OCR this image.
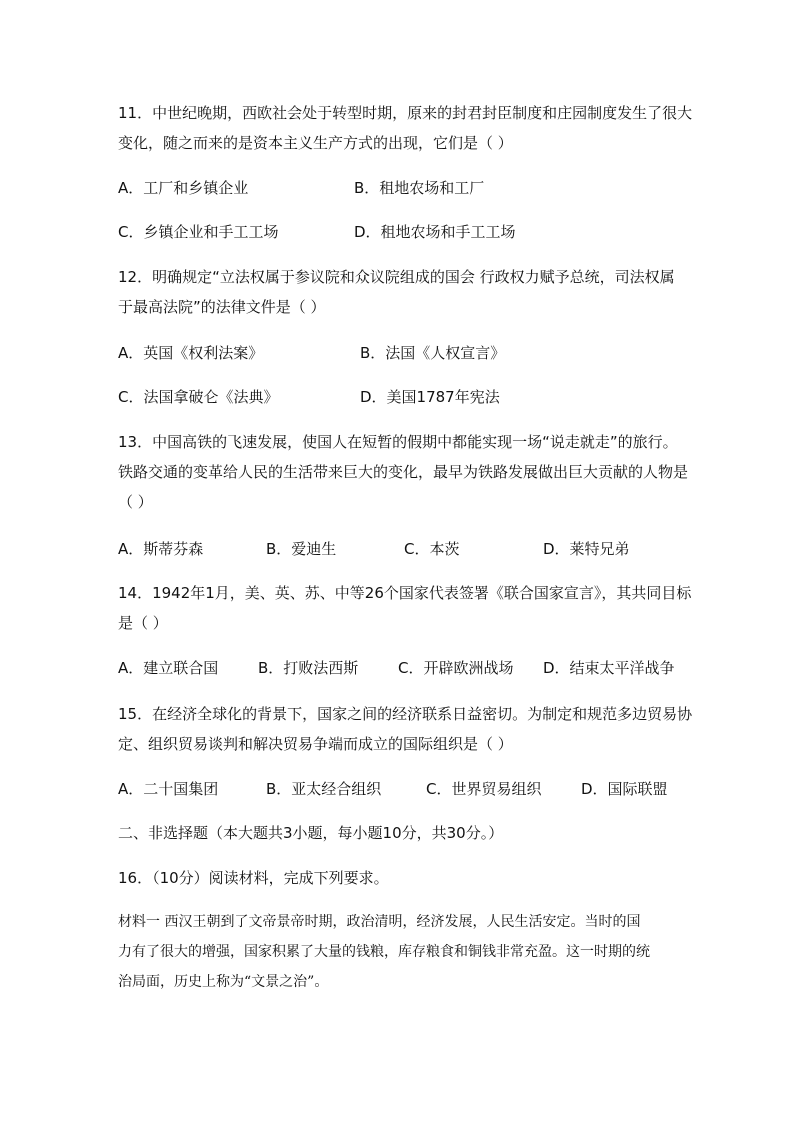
11．中世纪晚期，西欧社会处于转型时期，原来的封君封臣制度和庄园制度发生了很大
变化，随之而来的是资本主义生产方式的出现，它们是（ ）
A．工厂和乡镇企业	B．租地农场和工厂
C．乡镇企业和手工工场	D．租地农场和手工工场
12．明确规定“立法权属于参议院和众议院组成的国会 行政权力赋予总统，司法权属
于最高法院”的法律文件是（ ）
A．英国《权利法案》	B．法国《人权宣言》
C．法国拿破仑《法典》	D．美国1787年宪法
13．中国高铁的飞速发展，使国人在短暂的假期中都能实现一场“说走就走”的旅行。
铁路交通的变革给人民的生活带来巨大的变化，最早为铁路发展做出巨大贡献的人物是
（ ）
A．斯蒂芬森	B．爱迪生	C．本茨	D．莱特兄弟
14．1942年1月，美、英、苏、中等26个国家代表签署《联合国家宣言》，其共同目标
是（ ）
A．建立联合国	B．打败法西斯	C．开辟欧洲战场 D．结束太平洋战争
15．在经济全球化的背景下，国家之间的经济联系日益密切。为制定和规范多边贸易协
定、组织贸易谈判和解决贸易争端而成立的国际组织是（ ）
A．二十国集团	B．亚太经合组织	C．世界贸易组织	D．国际联盟
二、非选择题（本大题共3小题，每小题10分，共30分。）
16．（10分）阅读材料，完成下列要求。
材料一 西汉王朝到了文帝景帝时期，政治清明，经济发展，人民生活安定。当时的国
力有了很大的增强，国家积累了大量的钱粮，库存粮食和铜钱非常充盈。这一时期的统
治局面，历史上称为“文景之治”。
